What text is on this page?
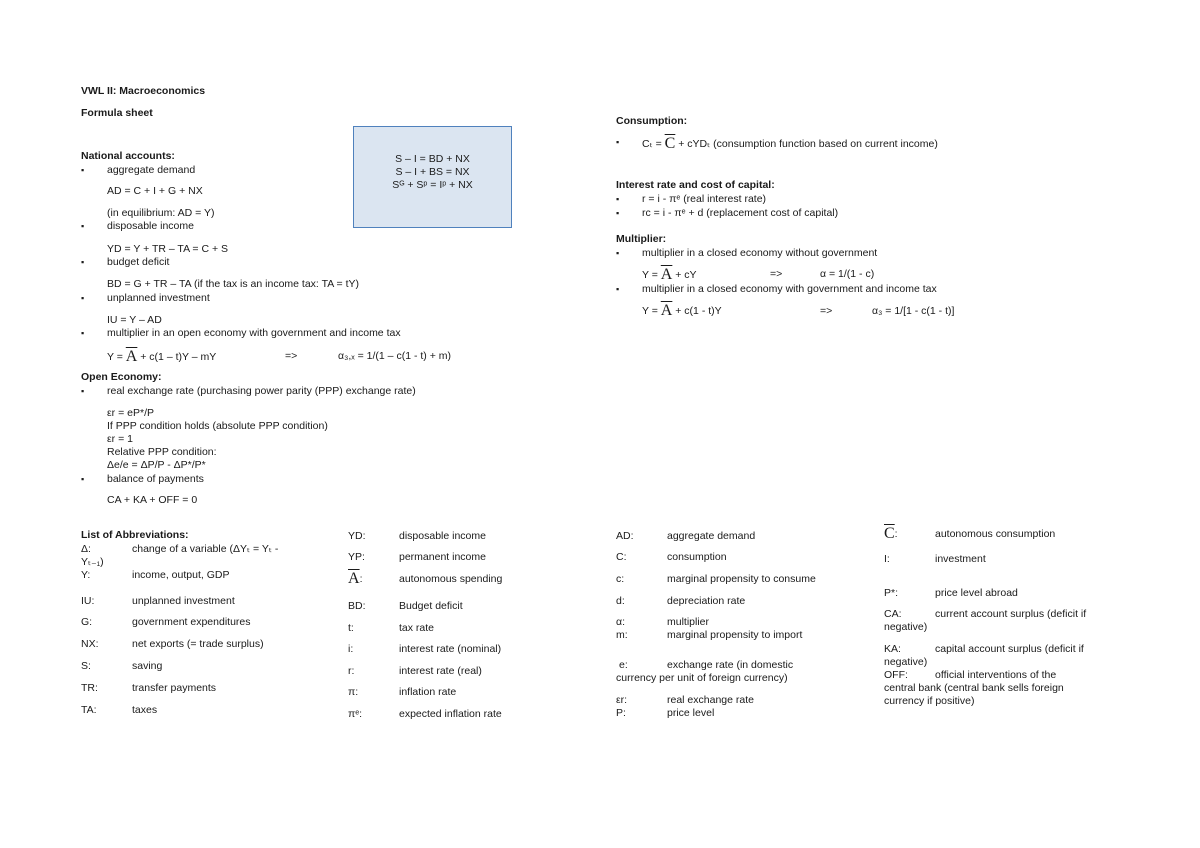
VWL II: Macroeconomics
Formula sheet
S – I = BD + NX
S – I + BS = NX
Sᴳ + Sᵖ = Iᵖ + NX
National accounts:
▪ aggregate demand
AD = C + I + G + NX
(in equilibrium: AD = Y)
▪ disposable income
YD = Y + TR – TA = C + S
▪ budget deficit
BD = G + TR – TA (if the tax is an income tax: TA = tY)
▪ unplanned investment
IU = Y – AD
▪ multiplier in an open economy with government and income tax
$Y = \overline{A} + c(1 - t)Y$ – mY	=>	α₃,ₓ = 1/(1 – c(1 - t) + m)
Open Economy:
▪ real exchange rate (purchasing power parity (PPP) exchange rate)
εr = eP*/P
If PPP condition holds (absolute PPP condition)
εr = 1
Relative PPP condition:
Δe/e = ΔP/P - ΔP*/P*
▪ balance of payments
CA + KA + OFF = 0
Consumption:
▪ $C_t = \overline{C} + cYD_t$ (consumption function based on current income)
Interest rate and cost of capital:
▪ r = i - πᵉ (real interest rate)
▪ rc = i - πᵉ + d (replacement cost of capital)
Multiplier:
▪ multiplier in a closed economy without government
$Y = \overline{A}$ + cY	=>	α = 1/(1 - c)
▪ multiplier in a closed economy with government and income tax
$Y = \overline{A} + c(1 - t)Y$	=>	α₃ = 1/[1 - c(1 - t)]
List of Abbreviations:
Δ:	change of a variable (ΔYₜ = Yₜ -
Yₜ₋₁)
Y:	income, output, GDP
IU:	unplanned investment
G:	government expenditures
NX:	net exports (= trade surplus)
S:	saving
TR:	transfer payments
TA:	taxes
YD:	disposable income
YP:	permanent income
$\overline{A}$:	autonomous spending
BD:	Budget deficit
t:	tax rate
i:	interest rate (nominal)
r:	interest rate (real)
π:	inflation rate
πᵉ:	expected inflation rate
AD:	aggregate demand
C:	consumption
c:	marginal propensity to consume
d:	depreciation rate
α:	multiplier
m:	marginal propensity to import
e:	exchange rate (in domestic
currency per unit of foreign currency)
εr:	real exchange rate
P:	price level
$\overline{C}$:	autonomous consumption
I:	investment
P*:	price level abroad
CA:	current account surplus (deficit if
negative)
KA:	capital account surplus (deficit if
negative)
OFF:	official interventions of the
central bank (central bank sells foreign
currency if positive)
